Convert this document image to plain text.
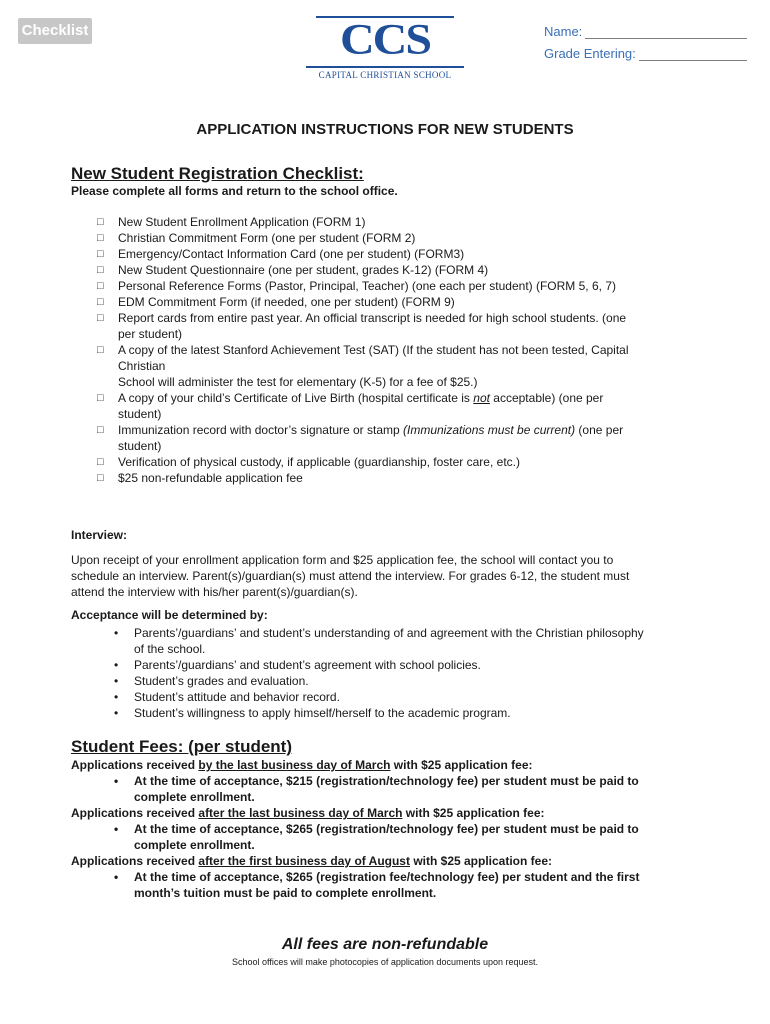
Checklist	CCS
CAPITAL CHRISTIAN SCHOOL
Name:
Grade Entering:
APPLICATION INSTRUCTIONS FOR NEW STUDENTS
New Student Registration Checklist:
Please complete all forms and return to the school office.
□ New Student Enrollment Application (FORM 1)
□ Christian Commitment Form (one per student (FORM 2)
□ Emergency/Contact Information Card (one per student) (FORM3)
□ New Student Questionnaire (one per student, grades K-12) (FORM 4)
□ Personal Reference Forms (Pastor, Principal, Teacher) (one each per student) (FORM 5, 6, 7)
□ EDM Commitment Form (if needed, one per student) (FORM 9)
□ Report cards from entire past year. An official transcript is needed for high school students. (one
per student)
□ A copy of the latest Stanford Achievement Test (SAT) (If the student has not been tested, Capital
Christian
School will administer the test for elementary (K-5) for a fee of $25.)
□ A copy of your child’s Certificate of Live Birth (hospital certificate is not acceptable) (one per
student)
□ Immunization record with doctor’s signature or stamp (Immunizations must be current) (one per
student)
□ Verification of physical custody, if applicable (guardianship, foster care, etc.)
□ $25 non-refundable application fee
Interview:
Upon receipt of your enrollment application form and $25 application fee, the school will contact you to
schedule an interview. Parent(s)/guardian(s) must attend the interview. For grades 6-12, the student must
attend the interview with his/her parent(s)/guardian(s).
Acceptance will be determined by:
• Parents’/guardians’ and student’s understanding of and agreement with the Christian philosophy
of the school.
• Parents’/guardians’ and student’s agreement with school policies.
• Student’s grades and evaluation.
• Student’s attitude and behavior record.
• Student’s willingness to apply himself/herself to the academic program.
Student Fees: (per student)
Applications received by the last business day of March with $25 application fee:
• At the time of acceptance, $215 (registration/technology fee) per student must be paid to
complete enrollment.
Applications received after the last business day of March with $25 application fee:
• At the time of acceptance, $265 (registration/technology fee) per student must be paid to
complete enrollment.
Applications received after the first business day of August with $25 application fee:
• At the time of acceptance, $265 (registration fee/technology fee) per student and the first
month’s tuition must be paid to complete enrollment.
All fees are non-refundable
School offices will make photocopies of application documents upon request.
